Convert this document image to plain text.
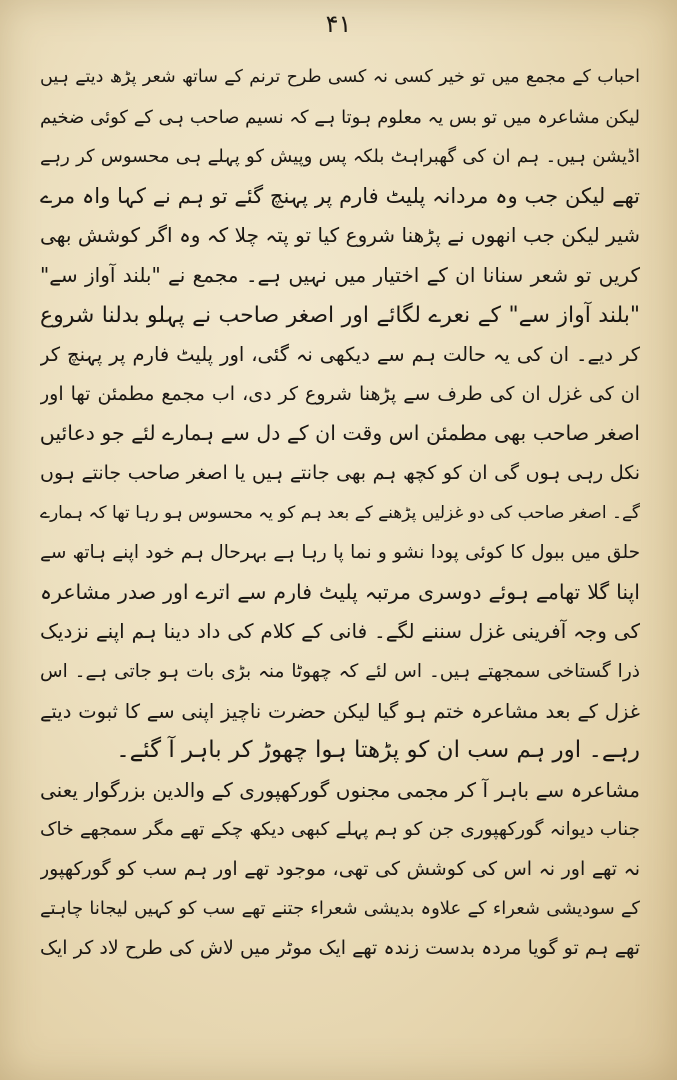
۴۱
احباب کے مجمع میں تو خیر کسی نہ کسی طرح ترنم کے ساتھ شعر پڑھ دیتے ہیں
لیکن مشاعرہ میں تو بس یہ معلوم ہوتا ہے کہ نسیم صاحب ہی کے کوئی ضخیم
اڈیشن ہیں۔ ہم ان کی گھبراہٹ بلکہ پس وپیش کو پہلے ہی محسوس کر رہے
تھے لیکن جب وہ مردانہ پلیٹ فارم پر پہنچ گئے تو ہم نے کہا واہ مرے
شیر لیکن جب انھوں نے پڑھنا شروع کیا تو پتہ چلا کہ وہ اگر کوشش بھی
کریں تو شعر سنانا ان کے اختیار میں نہیں ہے۔ مجمع نے "بلند آواز سے"
"بلند آواز سے" کے نعرے لگائے اور اصغر صاحب نے پہلو بدلنا شروع
کر دیے۔ ان کی یہ حالت ہم سے دیکھی نہ گئی، اور پلیٹ فارم پر پہنچ کر
ان کی غزل ان کی طرف سے پڑھنا شروع کر دی، اب مجمع مطمئن تھا اور
اصغر صاحب بھی مطمئن اس وقت ان کے دل سے ہمارے لئے جو دعائیں
نکل رہی ہوں گی ان کو کچھ ہم بھی جانتے ہیں یا اصغر صاحب جانتے ہوں
گے۔ اصغر صاحب کی دو غزلیں پڑھنے کے بعد ہم کو یہ محسوس ہو رہا تھا کہ ہمارے
حلق میں ببول کا کوئی پودا نشو و نما پا رہا ہے بہرحال ہم خود اپنے ہاتھ سے
اپنا گلا تھامے ہوئے دوسری مرتبہ پلیٹ فارم سے اترے اور صدر مشاعرہ
کی وجہ آفرینی غزل سننے لگے۔ فانی کے کلام کی داد دینا ہم اپنے نزدیک
ذرا گستاخی سمجھتے ہیں۔ اس لئے کہ چھوٹا منہ بڑی بات ہو جاتی ہے۔ اس
غزل کے بعد مشاعرہ ختم ہو گیا لیکن حضرت ناچیز اپنی سے کا ثبوت دیتے
رہے۔ اور ہم سب ان کو پڑھتا ہوا چھوڑ کر باہر آ گئے۔
مشاعرہ سے باہر آ کر مجمی مجنوں گورکھپوری کے والدین بزرگوار یعنی
جناب دیوانہ گورکھپوری جن کو ہم پہلے کبھی دیکھ چکے تھے مگر سمجھے خاک
نہ تھے اور نہ اس کی کوشش کی تھی، موجود تھے اور ہم سب کو گورکھپور
کے سودیشی شعراء کے علاوہ بدیشی شعراء جتنے تھے سب کو کہیں لیجانا چاہتے
تھے ہم تو گویا مردہ بدست زندہ تھے ایک موٹر میں لاش کی طرح لاد کر ایک
